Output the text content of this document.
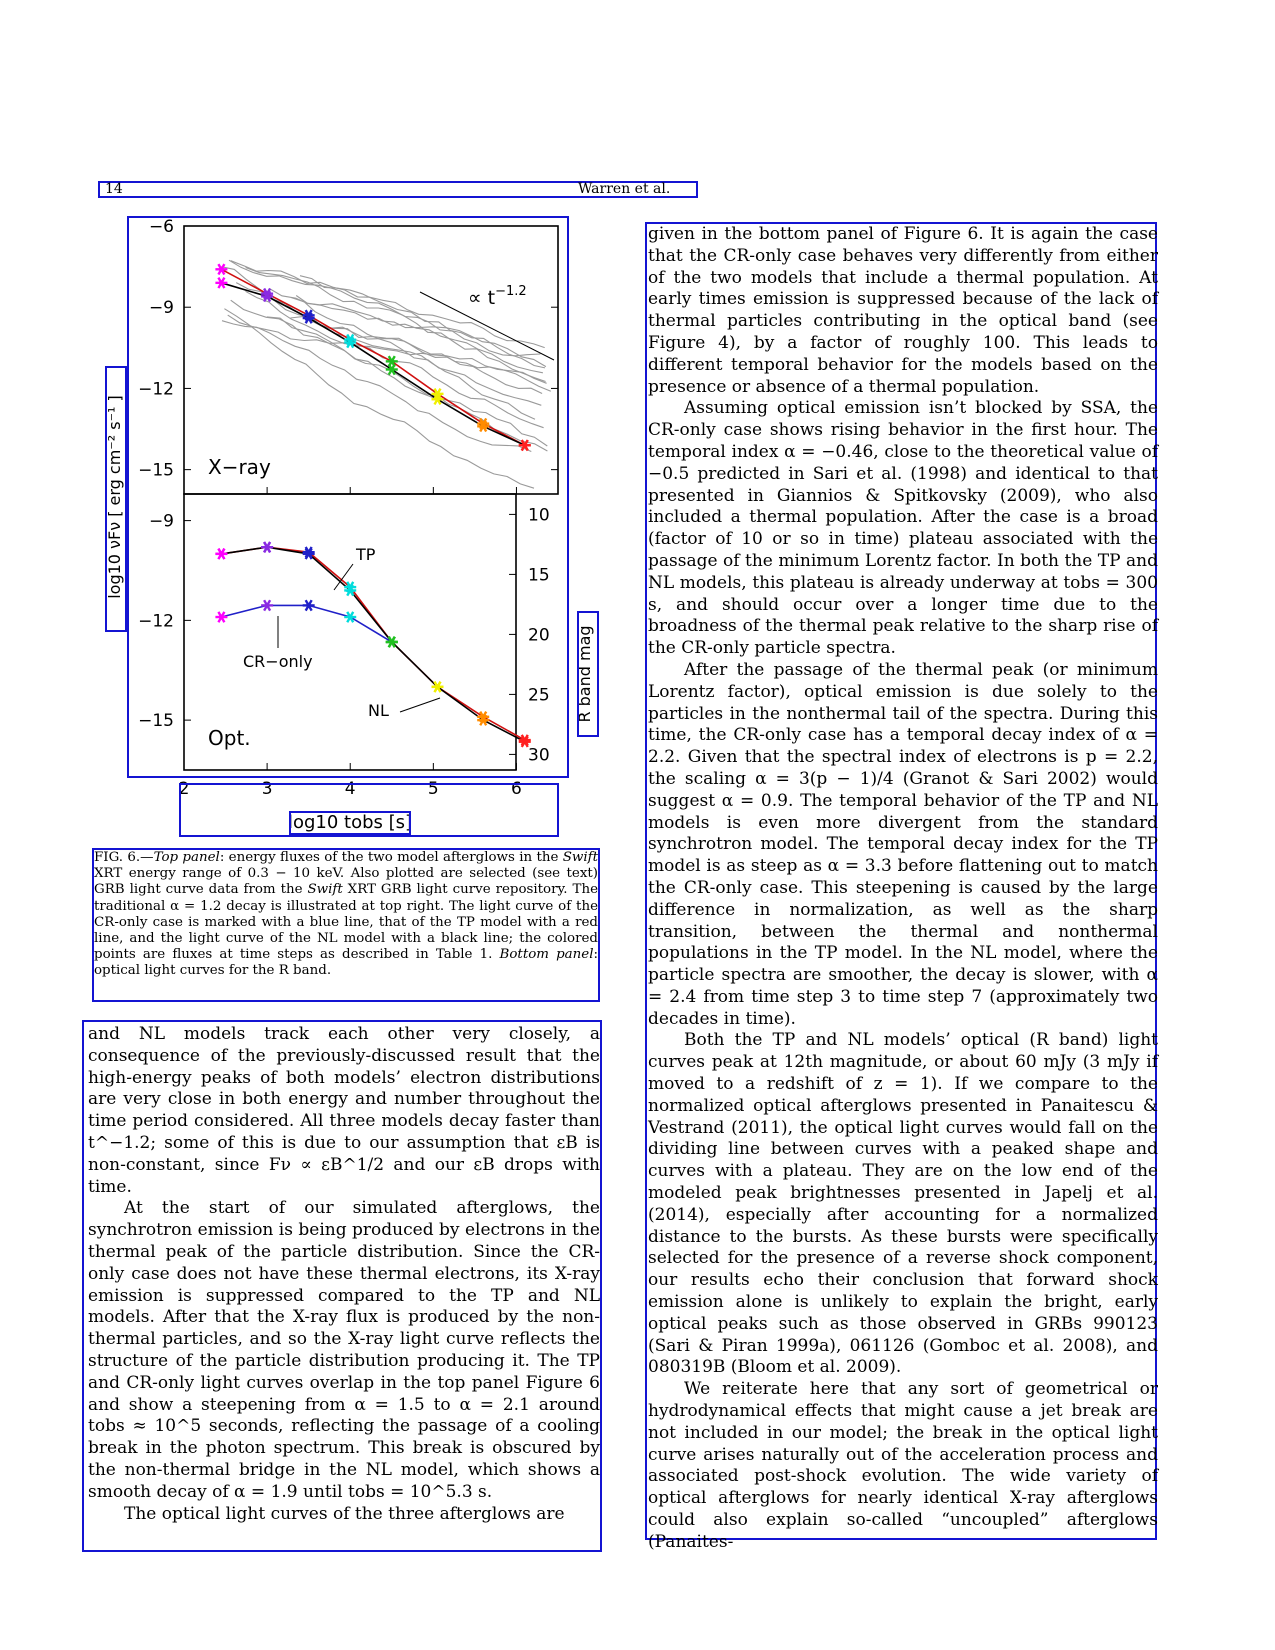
14	Warren et al.
−15
−12
−9
−6
−15
−12
−9	10
15
20
25
30
2	3	4	5	6
X−ray
Opt.
∝ $t^{-1.2}$
TP
CR−only
NL
log10 νFν [ erg cm⁻² s⁻¹ ]
R band mag
log10 tobs [s]
FIG. 6.—Top panel: energy fluxes of the two model afterglows in the Swift XRT energy range of 0.3 − 10 keV. Also plotted are selected (see text) GRB light curve data from the Swift XRT GRB light curve repository. The traditional α = 1.2 decay is illustrated at top right. The light curve of the CR-only case is marked with a blue line, that of the TP model with a red line, and the light curve of the NL model with a black line; the colored points are fluxes at time steps as described in Table 1. Bottom panel: optical light curves for the R band.

and NL models track each other very closely, a consequence of the previously-discussed result that the high-energy peaks of both models’ electron distributions are very close in both energy and number throughout the time period considered. All three models decay faster than t^−1.2; some of this is due to our assumption that εB is non-constant, since Fν ∝ εB^1/2 and our εB drops with time.

At the start of our simulated afterglows, the synchrotron emission is being produced by electrons in the thermal peak of the particle distribution. Since the CR-only case does not have these thermal electrons, its X-ray emission is suppressed compared to the TP and NL models. After that the X-ray flux is produced by the non-thermal particles, and so the X-ray light curve reflects the structure of the particle distribution producing it. The TP and CR-only light curves overlap in the top panel Figure 6 and show a steepening from α = 1.5 to α = 2.1 around tobs ≈ 10^5 seconds, reflecting the passage of a cooling break in the photon spectrum. This break is obscured by the non-thermal bridge in the NL model, which shows a smooth decay of α = 1.9 until tobs = 10^5.3 s.

The optical light curves of the three afterglows are

given in the bottom panel of Figure 6. It is again the case that the CR-only case behaves very differently from either of the two models that include a thermal population. At early times emission is suppressed because of the lack of thermal particles contributing in the optical band (see Figure 4), by a factor of roughly 100. This leads to different temporal behavior for the models based on the presence or absence of a thermal population.

Assuming optical emission isn’t blocked by SSA, the CR-only case shows rising behavior in the first hour. The temporal index α = −0.46, close to the theoretical value of −0.5 predicted in Sari et al. (1998) and identical to that presented in Giannios & Spitkovsky (2009), who also included a thermal population. After the case is a broad (factor of 10 or so in time) plateau associated with the passage of the minimum Lorentz factor. In both the TP and NL models, this plateau is already underway at tobs = 300 s, and should occur over a longer time due to the broadness of the thermal peak relative to the sharp rise of the CR-only particle spectra.

After the passage of the thermal peak (or minimum Lorentz factor), optical emission is due solely to the particles in the nonthermal tail of the spectra. During this time, the CR-only case has a temporal decay index of α = 2.2. Given that the spectral index of electrons is p = 2.2, the scaling α = 3(p − 1)/4 (Granot & Sari 2002) would suggest α = 0.9. The temporal behavior of the TP and NL models is even more divergent from the standard synchrotron model. The temporal decay index for the TP model is as steep as α = 3.3 before flattening out to match the CR-only case. This steepening is caused by the large difference in normalization, as well as the sharp transition, between the thermal and nonthermal populations in the TP model. In the NL model, where the particle spectra are smoother, the decay is slower, with α = 2.4 from time step 3 to time step 7 (approximately two decades in time).

Both the TP and NL models’ optical (R band) light curves peak at 12th magnitude, or about 60 mJy (3 mJy if moved to a redshift of z = 1). If we compare to the normalized optical afterglows presented in Panaitescu & Vestrand (2011), the optical light curves would fall on the dividing line between curves with a peaked shape and curves with a plateau. They are on the low end of the modeled peak brightnesses presented in Japelj et al. (2014), especially after accounting for a normalized distance to the bursts. As these bursts were specifically selected for the presence of a reverse shock component, our results echo their conclusion that forward shock emission alone is unlikely to explain the bright, early optical peaks such as those observed in GRBs 990123 (Sari & Piran 1999a), 061126 (Gomboc et al. 2008), and 080319B (Bloom et al. 2009).

We reiterate here that any sort of geometrical or hydrodynamical effects that might cause a jet break are not included in our model; the break in the optical light curve arises naturally out of the acceleration process and associated post-shock evolution. The wide variety of optical afterglows for nearly identical X-ray afterglows could also explain so-called “uncoupled” afterglows (Panaites-
